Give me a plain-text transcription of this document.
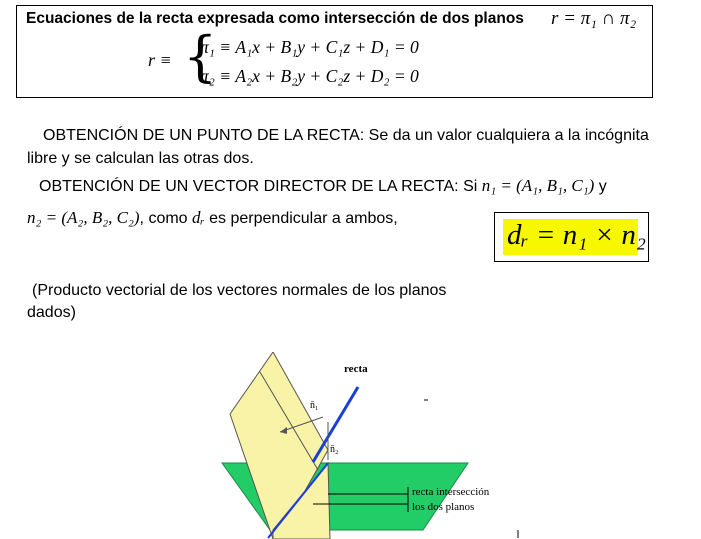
Ecuaciones de la recta expresada como intersección de dos planos r = π₁ ∩ π₂
r ≡ {
π₁ ≡ A₁x + B₁y + C₁z + D₁ = 0
π₂ ≡ A₂x + B₂y + C₂z + D₂ = 0
OBTENCIÓN DE UN PUNTO DE LA RECTA: Se da un valor cualquiera a la incógnita
libre y se calculan las otras dos.
OBTENCIÓN DE UN VECTOR DIRECTOR DE LA RECTA: Si n₁ = (A₁, B₁, C₁) y
n₂ = (A₂, B₂, C₂), como dᵣ es perpendicular a ambos,
dᵣ = n₁ × n₂
(Producto vectorial de los vectores normales de los planos
dados)
recta
n̄₁
n̄₂
recta intersección
los dos planos
